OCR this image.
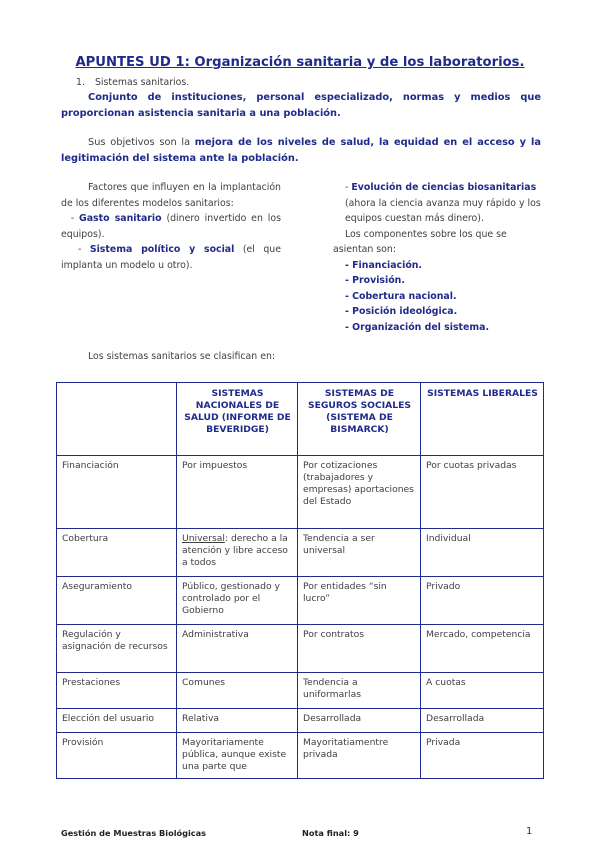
APUNTES UD 1: Organización sanitaria y de los laboratorios.
1. Sistemas sanitarios.
Conjunto de instituciones, personal especializado, normas y medios que proporcionan asistencia sanitaria a una población.
Sus objetivos son la mejora de los niveles de salud, la equidad en el acceso y la legitimación del sistema ante la población.

Factores que influyen en la implantación de los diferentes modelos sanitarios:

- Gasto sanitario (dinero invertido en los equipos).

- Sistema político y social (el que implanta un modelo u otro).

- Evolución de ciencias biosanitarias (ahora la ciencia avanza muy rápido y los equipos cuestan más dinero).

Los componentes sobre los que se asientan son:

- Financiación.
- Provisión.
- Cobertura nacional.
- Posición ideológica.
- Organización del sistema.
Los sistemas sanitarios se clasifican en:
	SISTEMAS NACIONALES DE SALUD (INFORME DE BEVERIDGE)	SISTEMAS DE SEGUROS SOCIALES (SISTEMA DE BISMARCK)	SISTEMAS LIBERALES
Financiación	Por impuestos	Por cotizaciones (trabajadores y empresas) aportaciones del Estado	Por cuotas privadas
Cobertura	Universal: derecho a la atención y libre acceso a todos	Tendencia a ser universal	Individual
Aseguramiento	Público, gestionado y controlado por el Gobierno	Por entidades “sin lucro”	Privado
Regulación y asignación de recursos	Administrativa	Por contratos	Mercado, competencia
Prestaciones	Comunes	Tendencia a uniformarlas	A cuotas
Elección del usuario	Relativa	Desarrollada	Desarrollada
Provisión	Mayoritariamente pública, aunque existe una parte que	Mayoritatiamentre privada	Privada
Gestión de Muestras Biológicas	Nota final: 9	1
